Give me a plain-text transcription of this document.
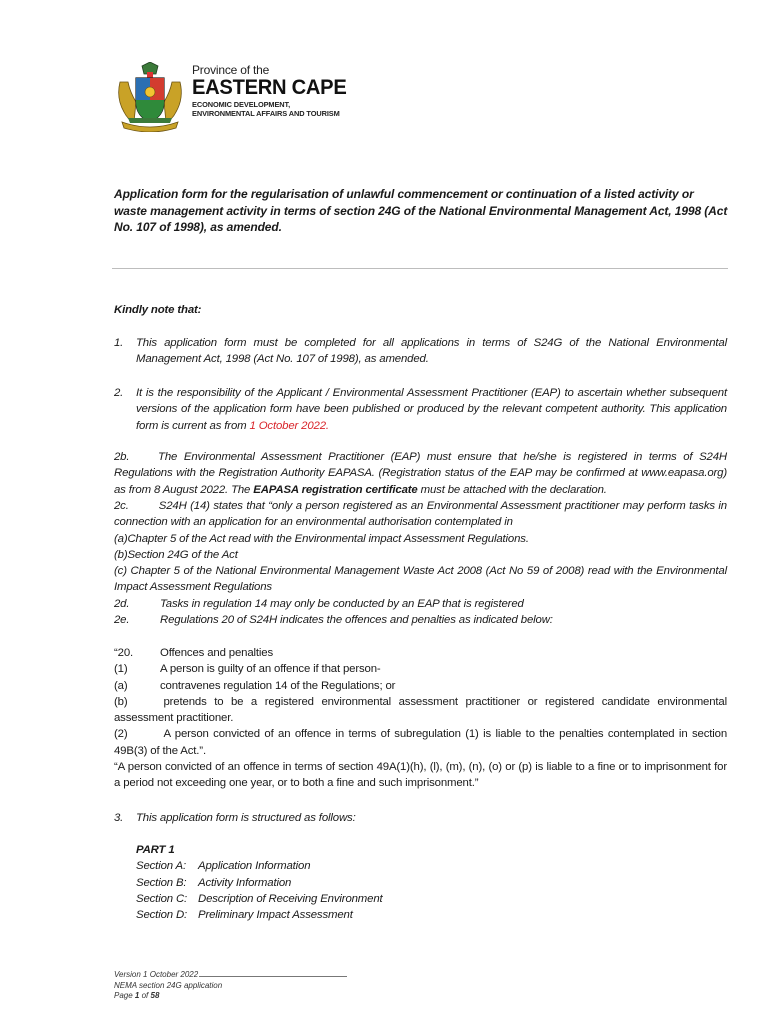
Province of the
EASTERN CAPE
ECONOMIC DEVELOPMENT,
ENVIRONMENTAL AFFAIRS AND TOURISM
Application form for the regularisation of unlawful commencement or continuation of a listed activity or waste management activity in terms of section 24G of the National Environmental Management Act, 1998 (Act No. 107 of 1998), as amended.
Kindly note that:
1. This application form must be completed for all applications in terms of S24G of the National Environmental Management Act, 1998 (Act No. 107 of 1998), as amended.
2. It is the responsibility of the Applicant / Environmental Assessment Practitioner (EAP) to ascertain whether subsequent versions of the application form have been published or produced by the relevant competent authority. This application form is current as from 1 October 2022.
2b.	The Environmental Assessment Practitioner (EAP) must ensure that he/she is registered in terms of S24H Regulations with the Registration Authority EAPASA. (Registration status of the EAP may be confirmed at www.eapasa.org) as from 8 August 2022. The EAPASA registration certificate must be attached with the declaration.
2c.	S24H (14) states that “only a person registered as an Environmental Assessment practitioner may perform tasks in connection with an application for an environmental authorisation contemplated in
(a)Chapter 5 of the Act read with the Environmental impact Assessment Regulations.
(b)Section 24G of the Act
(c) Chapter 5 of the National Environmental Management Waste Act 2008 (Act No 59 of 2008) read with the Environmental Impact Assessment Regulations
2d.	Tasks in regulation 14 may only be conducted by an EAP that is registered
2e.	Regulations 20 of S24H indicates the offences and penalties as indicated below:
“20.	Offences and penalties
(1)	A person is guilty of an offence if that person-
(a)	contravenes regulation 14 of the Regulations; or
(b)	pretends to be a registered environmental assessment practitioner or registered candidate environmental assessment practitioner.
(2)	A person convicted of an offence in terms of subregulation (1) is liable to the penalties contemplated in section 49B(3) of the Act.”.
“A person convicted of an offence in terms of section 49A(1)(h), (l), (m), (n), (o) or (p) is liable to a fine or to imprisonment for a period not exceeding one year, or to both a fine and such imprisonment.”
3. This application form is structured as follows:
PART 1
Section A:	Application Information
Section B:	Activity Information
Section C: Description of Receiving Environment
Section D: Preliminary Impact Assessment
Version 1 October 2022
NEMA section 24G application
Page 1 of 58
